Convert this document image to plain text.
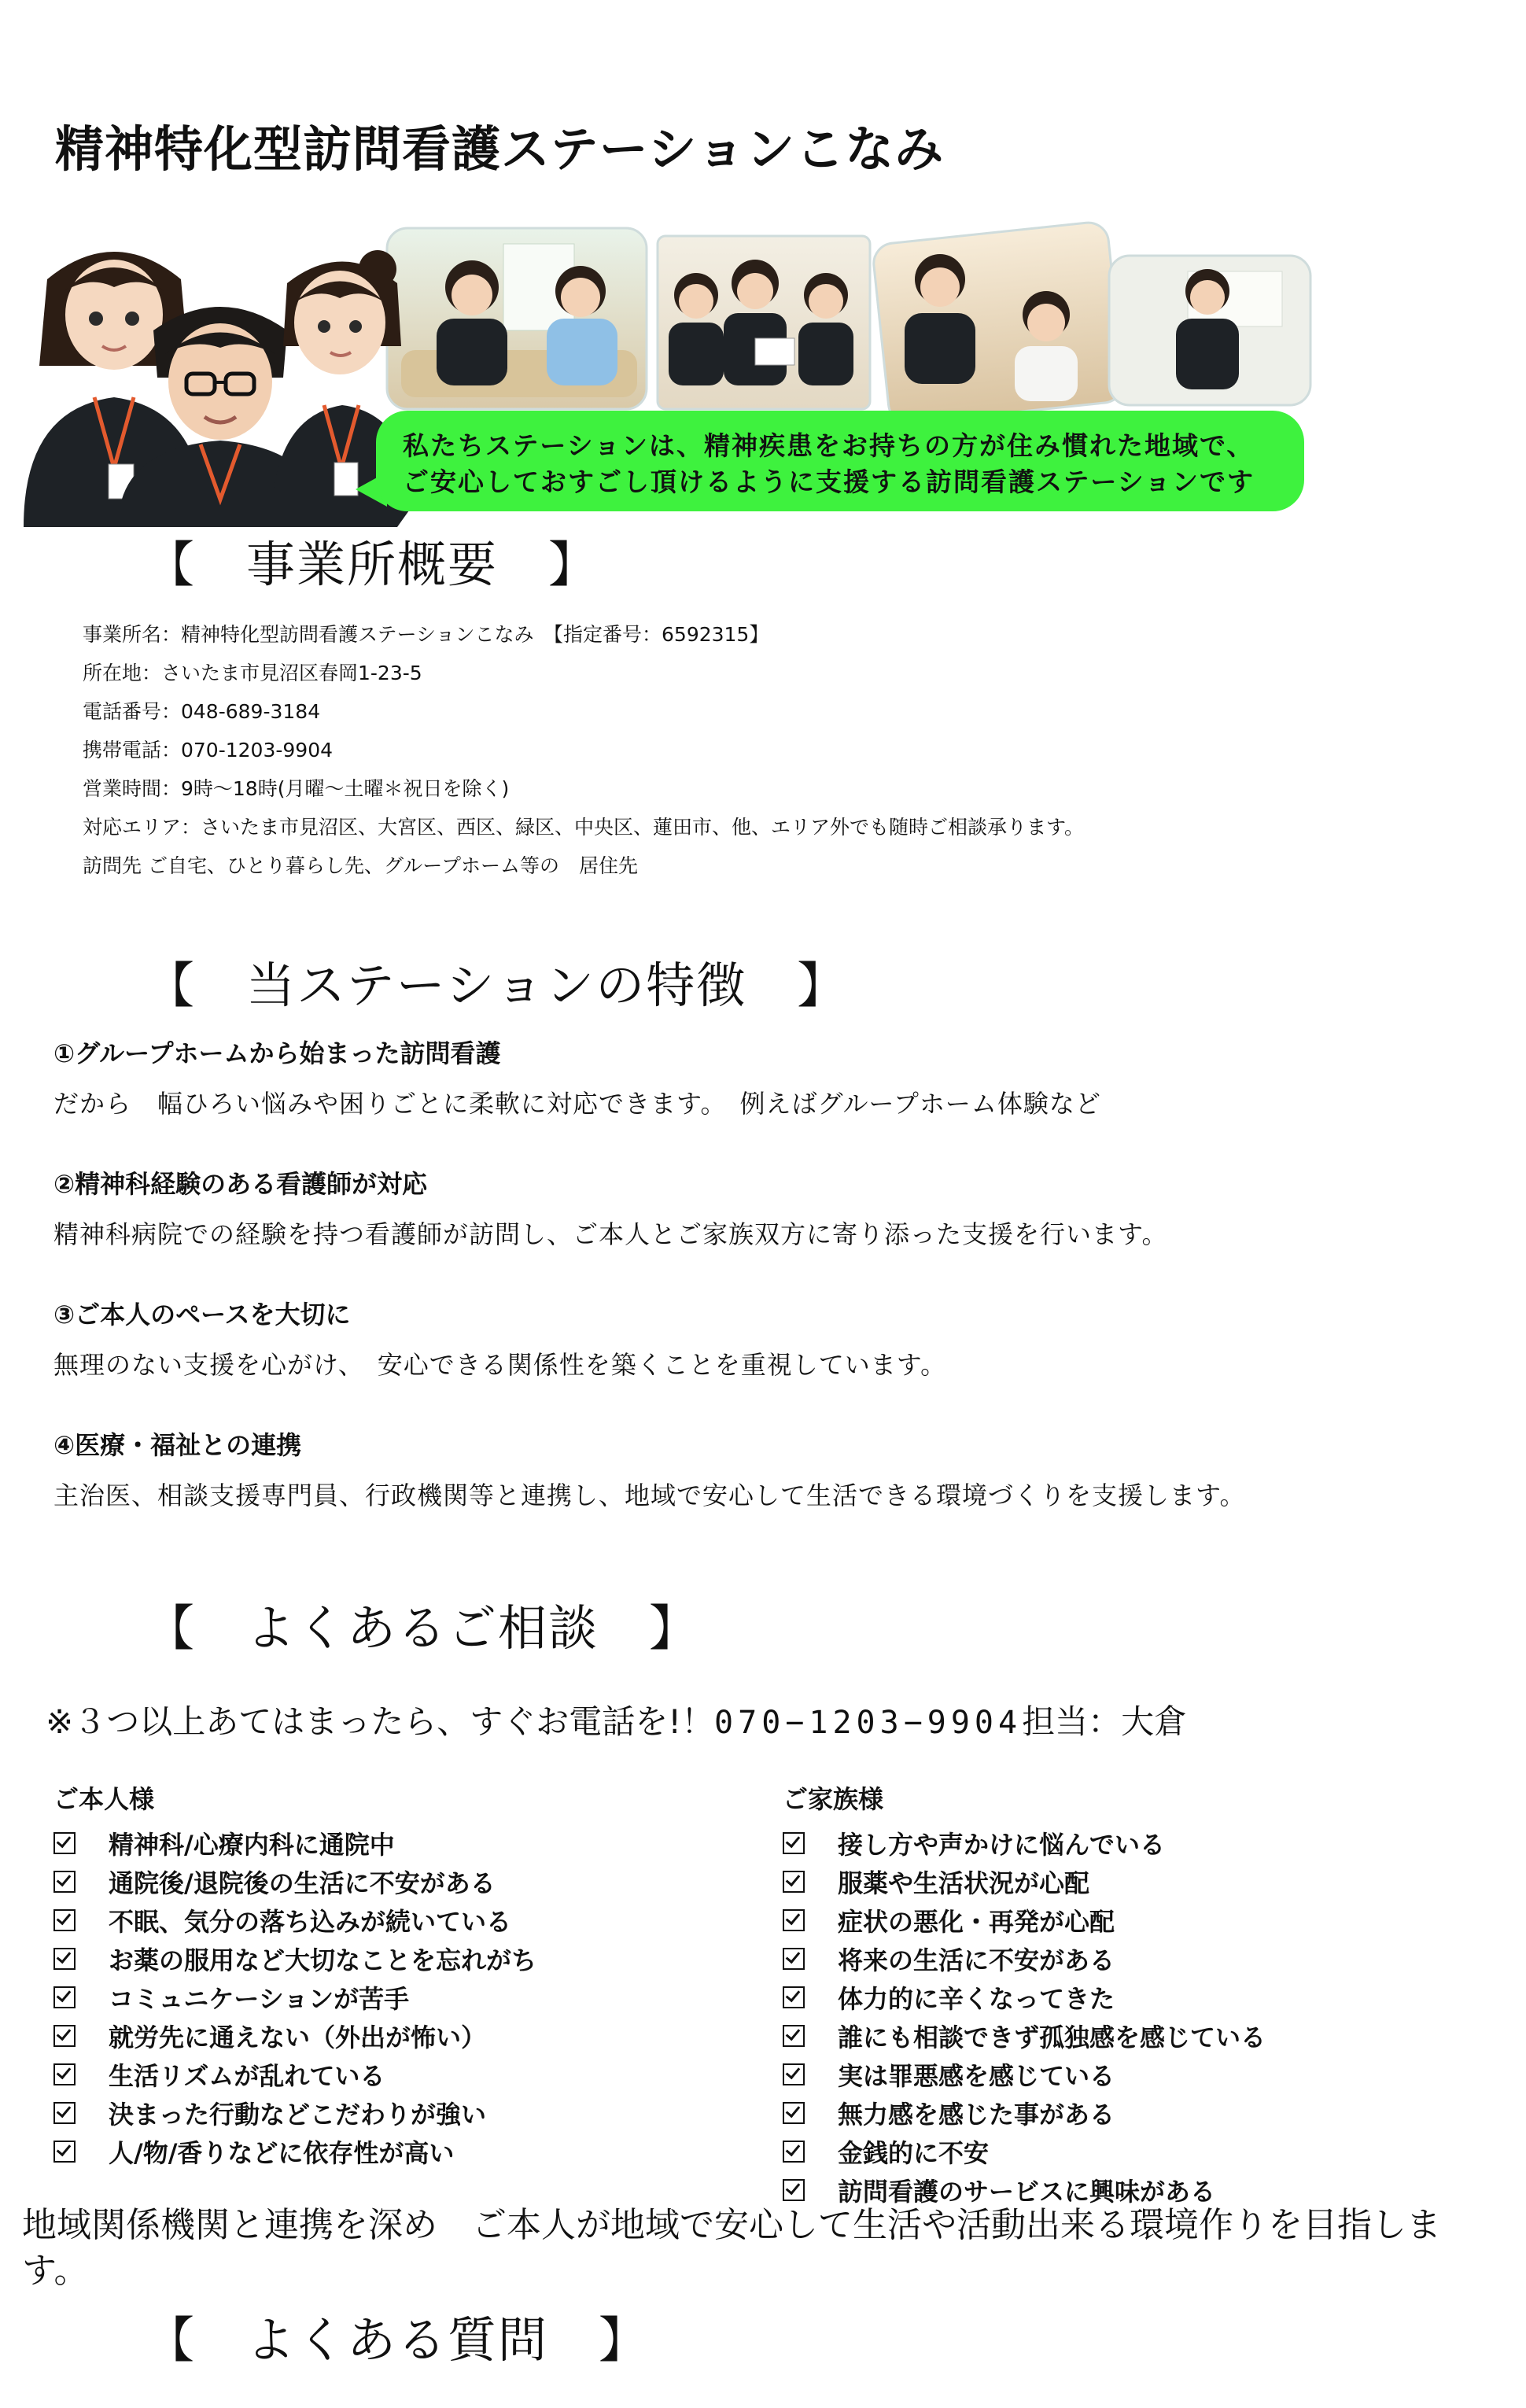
精神特化型訪問看護ステーションこなみ
私たちステーションは、精神疾患をお持ちの方が住み慣れた地域で、
ご安心しておすごし頂けるように支援する訪問看護ステーションです
【　事業所概要　】
事業所名：精神特化型訪問看護ステーションこなみ　【指定番号：6592315】
所在地：さいたま市見沼区春岡1-23-5
電話番号：048-689-3184
携帯電話：070-1203-9904
営業時間：9時～18時(月曜～土曜＊祝日を除く)
対応エリア：さいたま市見沼区、大宮区、西区、緑区、中央区、蓮田市、他、エリア外でも随時ご相談承ります。
訪問先 ご自宅、ひとり暮らし先、グループホーム等の　居住先
【　当ステーションの特徴　】
①グループホームから始まった訪問看護
だから　幅ひろい悩みや困りごとに柔軟に対応できます。　例えばグループホーム体験など
②精神科経験のある看護師が対応
精神科病院での経験を持つ看護師が訪問し、ご本人とご家族双方に寄り添った支援を行います。
③ご本人のペースを大切に
無理のない支援を心がけ、　安心できる関係性を築くことを重視しています。
④医療・福祉との連携
主治医、相談支援専門員、行政機関等と連携し、地域で安心して生活できる環境づくりを支援します。
【　よくあるご相談　】
※３つ以上あてはまったら、すぐお電話を!！070−1203−9904担当：大倉
ご本人様
精神科/心療内科に通院中
通院後/退院後の生活に不安がある
不眠、気分の落ち込みが続いている
お薬の服用など大切なことを忘れがち
コミュニケーションが苦手
就労先に通えない（外出が怖い）
生活リズムが乱れている
決まった行動などこだわりが強い
人/物/香りなどに依存性が高い
ご家族様
接し方や声かけに悩んでいる
服薬や生活状況が心配
症状の悪化・再発が心配
将来の生活に不安がある
体力的に辛くなってきた
誰にも相談できず孤独感を感じている
実は罪悪感を感じている
無力感を感じた事がある
金銭的に不安
訪問看護のサービスに興味がある
地域関係機関と連携を深め　ご本人が地域で安心して生活や活動出来る環境作りを目指します。
【　よくある質問　】
